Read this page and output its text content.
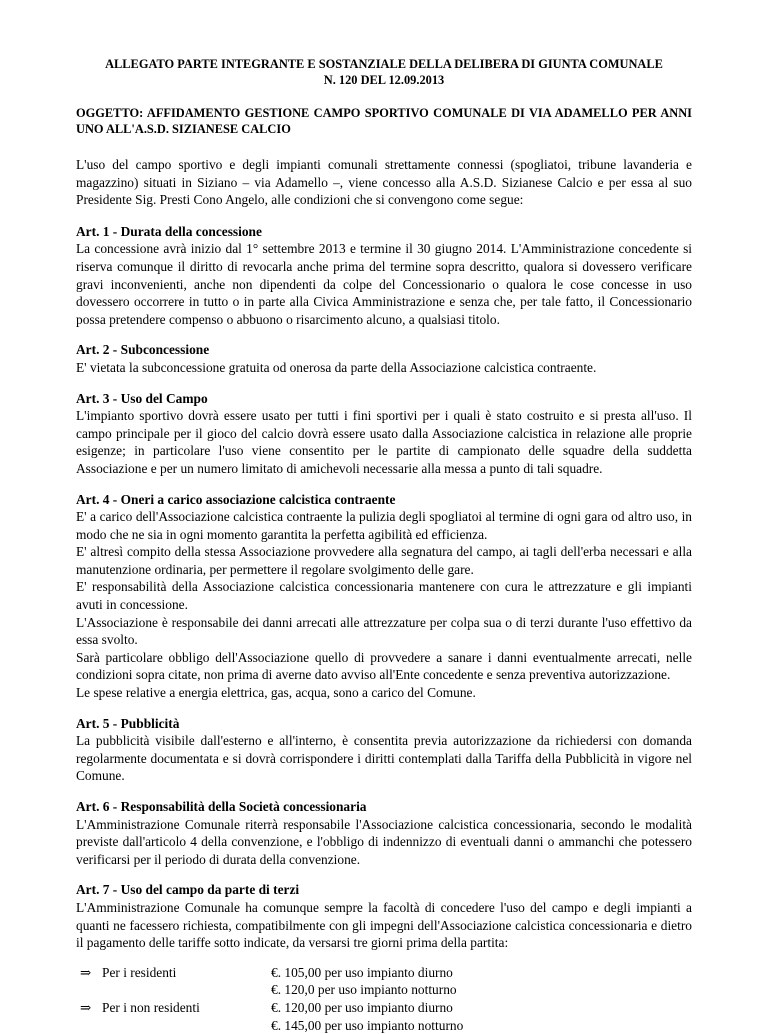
ALLEGATO PARTE INTEGRANTE E SOSTANZIALE DELLA DELIBERA DI GIUNTA COMUNALE
N. 120 DEL 12.09.2013
OGGETTO: AFFIDAMENTO GESTIONE CAMPO SPORTIVO COMUNALE DI VIA ADAMELLO PER ANNI UNO ALL'A.S.D. SIZIANESE CALCIO

L'uso del campo sportivo e degli impianti comunali strettamente connessi (spogliatoi, tribune lavanderia e magazzino) situati in Siziano – via Adamello –, viene concesso alla A.S.D. Sizianese Calcio e per essa al suo Presidente Sig. Presti Cono Angelo, alle condizioni che si convengono come segue:

Art. 1 - Durata della concessione

La concessione avrà inizio dal 1° settembre 2013 e termine il 30 giugno 2014. L'Amministrazione concedente si riserva comunque il diritto di revocarla anche prima del termine sopra descritto, qualora si dovessero verificare gravi inconvenienti, anche non dipendenti da colpe del Concessionario o qualora le cose concesse in uso dovessero occorrere in tutto o in parte alla Civica Amministrazione e senza che, per tale fatto, il Concessionario possa pretendere compenso o abbuono o risarcimento alcuno, a qualsiasi titolo.

Art. 2 - Subconcessione

E' vietata la subconcessione gratuita od onerosa da parte della Associazione calcistica contraente.

Art. 3 - Uso del Campo

L'impianto sportivo dovrà essere usato per tutti i fini sportivi per i quali è stato costruito e si presta all'uso. Il campo principale per il gioco del calcio dovrà essere usato dalla Associazione calcistica in relazione alle proprie esigenze; in particolare l'uso viene consentito per le partite di campionato delle squadre della suddetta Associazione e per un numero limitato di amichevoli necessarie alla messa a punto di tali squadre.

Art. 4 - Oneri a carico associazione calcistica contraente

E' a carico dell'Associazione calcistica contraente la pulizia degli spogliatoi al termine di ogni gara od altro uso, in modo che ne sia in ogni momento garantita la perfetta agibilità ed efficienza.

E' altresì compito della stessa Associazione provvedere alla segnatura del campo, ai tagli dell'erba necessari e alla manutenzione ordinaria, per permettere il regolare svolgimento delle gare.

E' responsabilità della Associazione calcistica concessionaria mantenere con cura le attrezzature e gli impianti avuti in concessione.

L'Associazione è responsabile dei danni arrecati alle attrezzature per colpa sua o di terzi durante l'uso effettivo da essa svolto.

Sarà particolare obbligo dell'Associazione quello di provvedere a sanare i danni eventualmente arrecati, nelle condizioni sopra citate, non prima di averne dato avviso all'Ente concedente e senza preventiva autorizzazione.

Le spese relative a energia elettrica, gas, acqua, sono a carico del Comune.

Art. 5 - Pubblicità

La pubblicità visibile dall'esterno e all'interno, è consentita previa autorizzazione da richiedersi con domanda regolarmente documentata e si dovrà corrispondere i diritti contemplati dalla Tariffa della Pubblicità in vigore nel Comune.

Art. 6 - Responsabilità della Società concessionaria

L'Amministrazione Comunale riterrà responsabile l'Associazione calcistica concessionaria, secondo le modalità previste dall'articolo 4 della convenzione, e l'obbligo di indennizzo di eventuali danni o ammanchi che potessero verificarsi per il periodo di durata della convenzione.

Art. 7 - Uso del campo da parte di terzi

L'Amministrazione Comunale ha comunque sempre la facoltà di concedere l'uso del campo e degli impianti a quanti ne facessero richiesta, compatibilmente con gli impegni dell'Associazione calcistica concessionaria e dietro il pagamento delle tariffe sotto indicate, da versarsi tre giorni prima della partita:

⇒ Per i residenti	€. 105,00 per uso impianto diurno
€. 120,0 per uso impianto notturno
⇒ Per i non residenti	€. 120,00 per uso impianto diurno
€. 145,00 per uso impianto notturno
